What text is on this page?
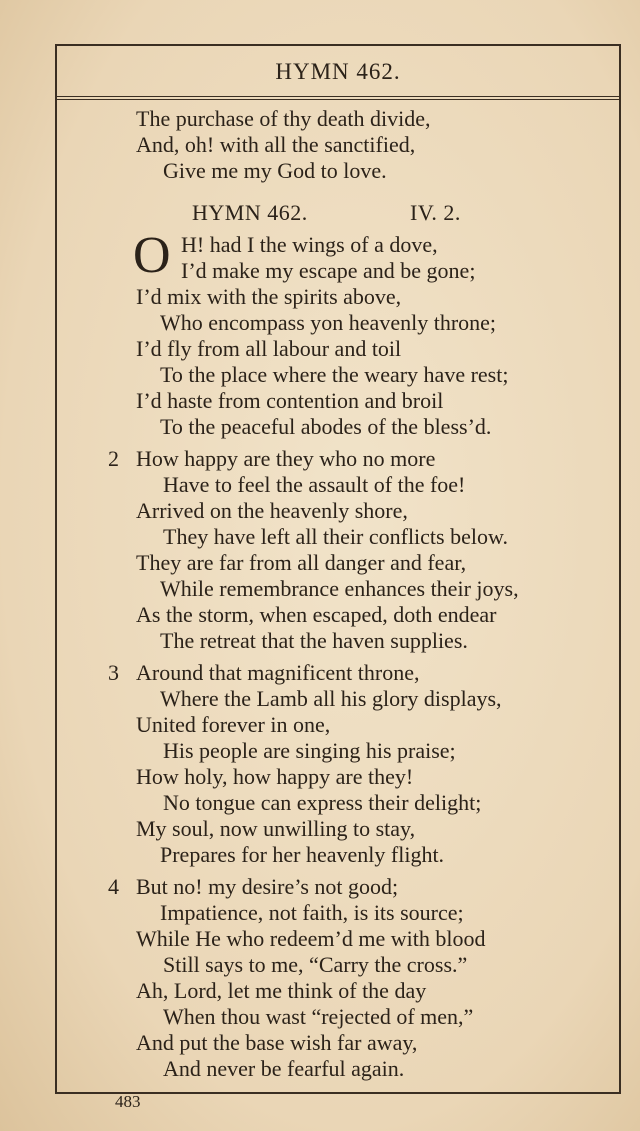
HYMN 462.
The purchase of thy death divide,
And, oh! with all the sanctified,
Give me my God to love.
HYMN 462.	IV. 2.
O H! had I the wings of a dove,
I’d make my escape and be gone;
I’d mix with the spirits above,
Who encompass yon heavenly throne;
I’d fly from all labour and toil
To the place where the weary have rest;
I’d haste from contention and broil
To the peaceful abodes of the bless’d.
2 How happy are they who no more
Have to feel the assault of the foe!
Arrived on the heavenly shore,
They have left all their conflicts below.
They are far from all danger and fear,
While remembrance enhances their joys,
As the storm, when escaped, doth endear
The retreat that the haven supplies.
3 Around that magnificent throne,
Where the Lamb all his glory displays,
United forever in one,
His people are singing his praise;
How holy, how happy are they!
No tongue can express their delight;
My soul, now unwilling to stay,
Prepares for her heavenly flight.
4 But no! my desire’s not good;
Impatience, not faith, is its source;
While He who redeem’d me with blood
Still says to me, “Carry the cross.”
Ah, Lord, let me think of the day
When thou wast “rejected of men,”
And put the base wish far away,
And never be fearful again.
483
